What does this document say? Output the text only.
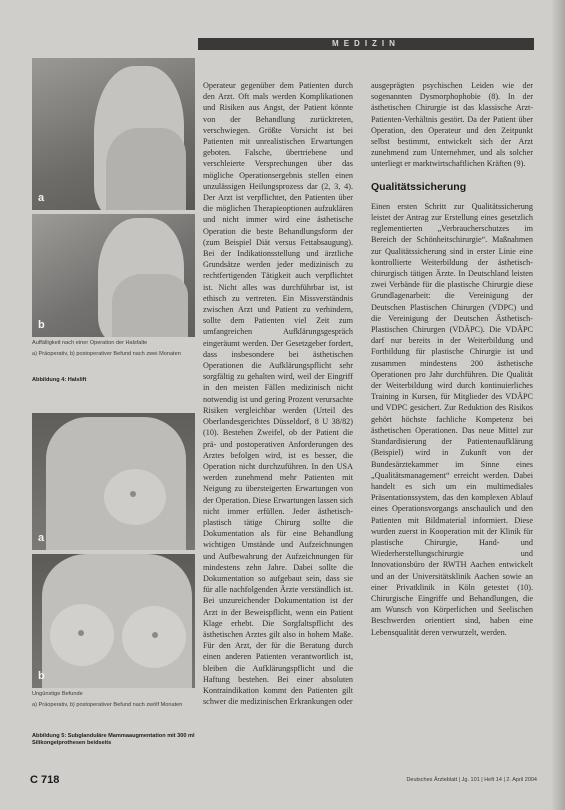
MEDIZIN
a
b
Auffälligkeit nach einer Operation der Halsfalte
a) Präoperativ, b) postoperativer Befund nach zwei Monaten
Abbildung 4: Halslift
a
b
Ungünstige Befunde
a) Präoperativ, b) postoperativer Befund nach zwölf Monaten
Abbildung 5: Subglanduläre Mammaaugmentation mit 300 ml Silikongelprothesen beidseits

Operateur gegenüber dem Patienten durch den Arzt. Oft mals werden Komplikationen und Risiken aus Angst, der Patient könnte von der Behandlung zurücktreten, verschwiegen. Größte Vorsicht ist bei Patienten mit unrealistischen Erwartungen geboten. Falsche, übertriebene und verschleierte Versprechungen über das mögliche Operationsergebnis stellen einen unzulässigen Heilungsprozess dar (2, 3, 4). Der Arzt ist verpflichtet, den Patienten über die möglichen Therapieoptionen aufzuklären und nicht immer wird eine ästhetische Operation die beste Behandlungsform der (zum Beispiel Diät versus Fettabsaugung). Bei der Indikationsstellung und ärztliche Grundsätze werden jeder medizinisch zu rechtfertigenden Tätigkeit auch verpflichtet ist. Nicht alles was durchführbar ist, ist ethisch zu vertreten. Ein Missverständnis zwischen Arzt und Patient zu verhindern, sollte dem Patienten viel Zeit zum umfangreichen Aufklärungsgespräch eingeräumt werden. Der Gesetzgeber fordert, dass insbesondere bei ästhetischen Operationen die Aufklärungspflicht sehr sorgfältig zu gehalten wird, weil der Eingriff in den meisten Fällen medizinisch nicht notwendig ist und gering Prozent verursachte Risiken vergleichbar werden (Urteil des Oberlandesgerichtes Düsseldorf, 8 U 38/82) (10). Bestehen Zweifel, ob der Patient die prä- und postoperativen Anforderungen des Arztes befolgen wird, ist es besser, die Operation nicht durchzuführen. In den USA werden zunehmend mehr Patienten mit Neigung zu übersteigerten Erwartungen von der Operation. Diese Erwartungen lassen sich nicht immer erfüllen. Jeder ästhetisch-plastisch tätige Chirurg sollte die Dokumentation als für eine Behandlung wichtigen Umstände und Aufzeichnungen und Aufbewahrung der Aufzeichnungen für mindestens zehn Jahre. Dabei sollte die Dokumentation so aufgebaut sein, dass sie für alle nachfolgenden Ärzte verständlich ist. Bei unzureichender Dokumentation ist der Arzt in der Beweispflicht, wenn ein Patient Klage erhebt. Die Sorgfaltspflicht des ästhetischen Arztes gilt also in hohem Maße. Für den Arzt, der für die Beratung durch einen anderen Patienten verantwortlich ist, bleiben die Aufklärungspflicht und die Haftung bestehen. Bei einer absoluten Kontraindikation kommt den Patienten gilt schwer die medizinischen Erkrankungen oder

ausgeprägten psychischen Leiden wie der sogenannten Dysmorphophobie (8). In der ästhetischen Chirurgie ist das klassische Arzt-Patienten-Verhältnis gestört. Da der Patient über Operation, den Operateur und den Zeitpunkt selbst bestimmt, entwickelt sich der Arzt zunehmend zum Unternehmer, und als solcher unterliegt er marktwirtschaftlichen Kräften (9).

Qualitätssicherung

Einen ersten Schritt zur Qualitätssicherung leistet der Antrag zur Erstellung eines gesetzlich reglementierten „Verbraucherschutzes im Bereich der Schönheitschirurgie“. Maßnahmen zur Qualitätssicherung sind in erster Linie eine kontrollierte Weiterbildung der ästhetisch-chirurgisch tätigen Ärzte. In Deutschland leisten zwei Verbände für die plastische Chirurgie diese Grundlagenarbeit: die Vereinigung der Deutschen Plastischen Chirurgen (VDPC) und die Vereinigung der Deutschen Ästhetisch-Plastischen Chirurgen (VDÄPC). Die VDÄPC darf nur bereits in der Weiterbildung und Fortbildung für plastische Chirurgie ist und zusammen mindestens 200 ästhetische Operationen pro Jahr durchführen. Die Qualität der Weiterbildung wird durch kontinuierliches Training in Kursen, für Mitglieder des VDÄPC und VDPC gesichert. Zur Reduktion des Risikos gehört höchste fachliche Kompetenz bei ästhetischen Operationen. Das neue Mittel zur Standardisierung der Patientenaufklärung (Beispiel) wird in Zukunft von der Bundesärztekammer im Sinne eines „Qualitätsmanagement“ erreicht werden. Dabei handelt es sich um ein multimediales Präsentationssystem, das den komplexen Ablauf eines Operationsvorgangs anschaulich und den Patienten mit Bildmaterial informiert. Diese wurden zuerst in Kooperation mit der Klinik für plastische Chirurgie, Hand- und Wiederherstellungschirurgie und Innovationsbüro der RWTH Aachen entwickelt und an der Universitätsklinik Aachen sowie an einer Privatklinik in Köln getestet (10). Chirurgische Eingriffe und Behandlungen, die am Wunsch von Körperlichen und Seelischen Beschwerden orientiert sind, haben eine Lebensqualität deren verwurzelt, werden.

C 718	Deutsches Ärzteblatt | Jg. 101 | Heft 14 | 2. April 2004
